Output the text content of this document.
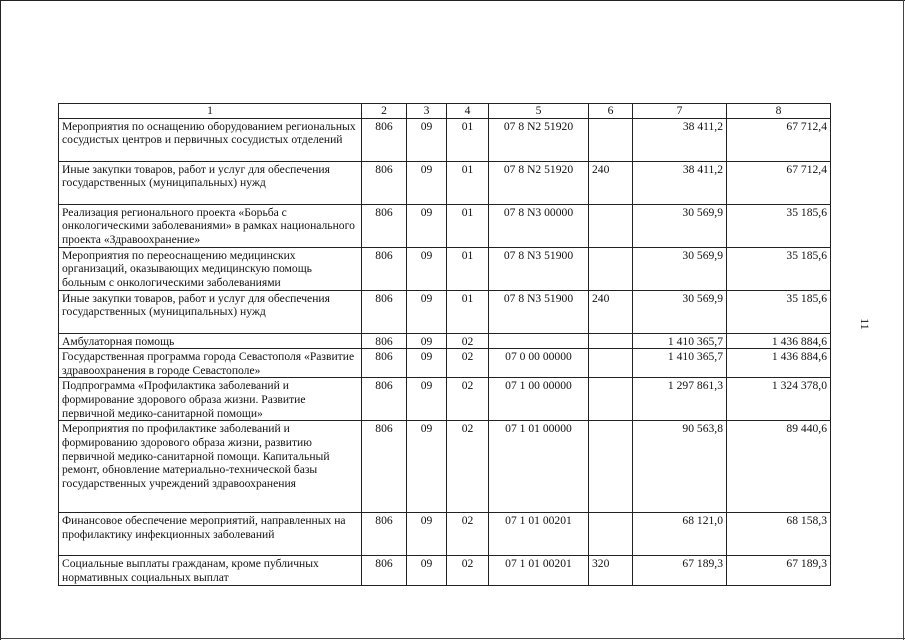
11
1	2	3	4	5	6	7	8
Мероприятия по оснащению оборудованием региональных сосудистых центров и первичных сосудистых отделений	806	09	01	07 8 N2 51920		38 411,2	67 712,4
Иные закупки товаров, работ и услуг для обеспечения государственных (муниципальных) нужд	806	09	01	07 8 N2 51920	240	38 411,2	67 712,4
Реализация регионального проекта «Борьба с онкологическими заболеваниями» в рамках национального проекта «Здравоохранение»	806	09	01	07 8 N3 00000		30 569,9	35 185,6
Мероприятия по переоснащению медицинских организаций, оказывающих медицинскую помощь больным с онкологическими заболеваниями	806	09	01	07 8 N3 51900		30 569,9	35 185,6
Иные закупки товаров, работ и услуг для обеспечения государственных (муниципальных) нужд	806	09	01	07 8 N3 51900	240	30 569,9	35 185,6
Амбулаторная помощь	806	09	02			1 410 365,7	1 436 884,6
Государственная программа города Севастополя «Развитие здравоохранения в городе Севастополе»	806	09	02	07 0 00 00000		1 410 365,7	1 436 884,6
Подпрограмма «Профилактика заболеваний и формирование здорового образа жизни. Развитие первичной медико-санитарной помощи»	806	09	02	07 1 00 00000		1 297 861,3	1 324 378,0
Мероприятия по профилактике заболеваний и формированию здорового образа жизни, развитию первичной медико-санитарной помощи. Капитальный ремонт, обновление материально-технической базы государственных учреждений здравоохранения	806	09	02	07 1 01 00000		90 563,8	89 440,6
Финансовое обеспечение мероприятий, направленных на профилактику инфекционных заболеваний	806	09	02	07 1 01 00201		68 121,0	68 158,3
Социальные выплаты гражданам, кроме публичных нормативных социальных выплат	806	09	02	07 1 01 00201	320	67 189,3	67 189,3
